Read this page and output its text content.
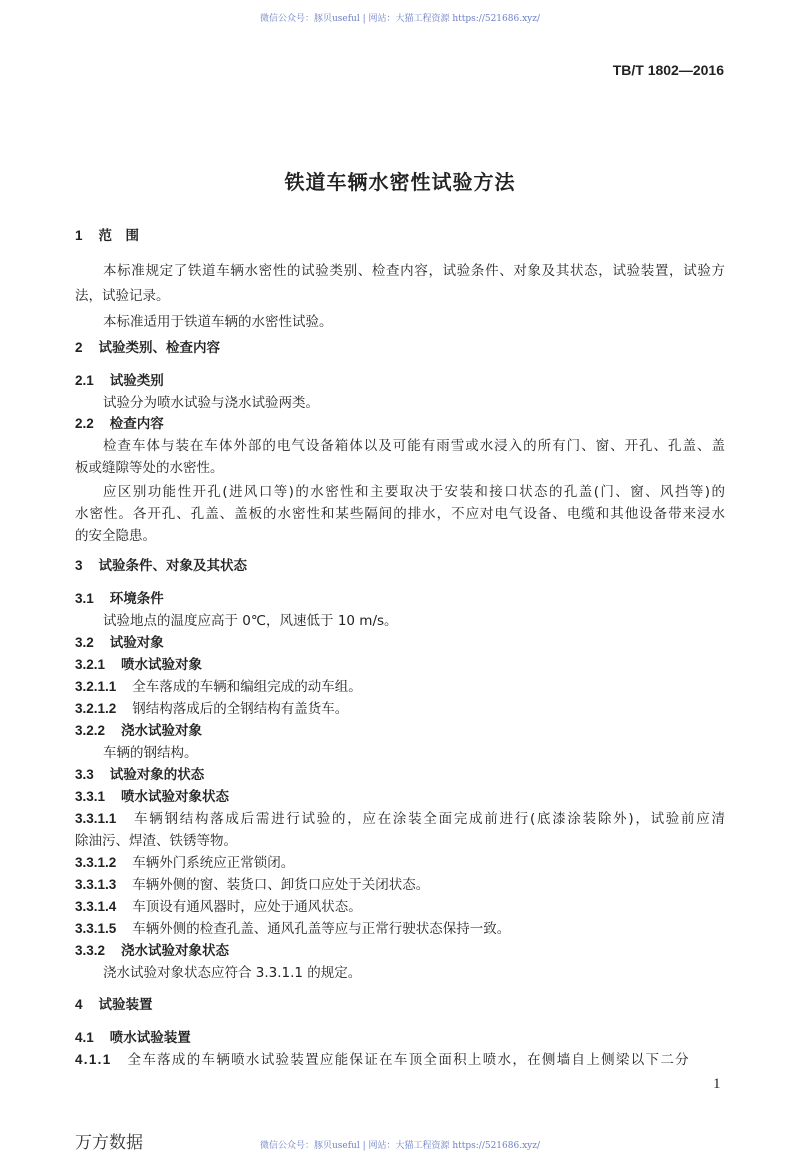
微信公众号：豚贝useful | 网站：大猫工程资源 https://521686.xyz/
TB/T 1802—2016
铁道车辆水密性试验方法
1 范　围
本标准规定了铁道车辆水密性的试验类别、检查内容，试验条件、对象及其状态，试验装置，试验方
法，试验记录。
本标准适用于铁道车辆的水密性试验。
2 试验类别、检查内容
2.1 试验类别
试验分为喷水试验与浇水试验两类。
2.2 检查内容
检查车体与装在车体外部的电气设备箱体以及可能有雨雪或水浸入的所有门、窗、开孔、孔盖、盖
板或缝隙等处的水密性。
应区别功能性开孔(进风口等)的水密性和主要取决于安装和接口状态的孔盖(门、窗、风挡等)的
水密性。各开孔、孔盖、盖板的水密性和某些隔间的排水，不应对电气设备、电缆和其他设备带来浸水
的安全隐患。
3 试验条件、对象及其状态
3.1 环境条件
试验地点的温度应高于 0℃，风速低于 10 m/s。
3.2 试验对象
3.2.1 喷水试验对象
3.2.1.1 全车落成的车辆和编组完成的动车组。
3.2.1.2 钢结构落成后的全钢结构有盖货车。
3.2.2 浇水试验对象
车辆的钢结构。
3.3 试验对象的状态
3.3.1 喷水试验对象状态
3.3.1.1 车辆钢结构落成后需进行试验的，应在涂装全面完成前进行(底漆涂装除外)，试验前应清
除油污、焊渣、铁锈等物。
3.3.1.2 车辆外门系统应正常锁闭。
3.3.1.3 车辆外侧的窗、装货口、卸货口应处于关闭状态。
3.3.1.4 车顶设有通风器时，应处于通风状态。
3.3.1.5 车辆外侧的检查孔盖、通风孔盖等应与正常行驶状态保持一致。
3.3.2 浇水试验对象状态
浇水试验对象状态应符合 3.3.1.1 的规定。
4 试验装置
4.1 喷水试验装置
4.1.1 全车落成的车辆喷水试验装置应能保证在车顶全面积上喷水，在侧墙自上侧梁以下二分
1
万方数据	微信公众号：豚贝useful | 网站：大猫工程资源 https://521686.xyz/
